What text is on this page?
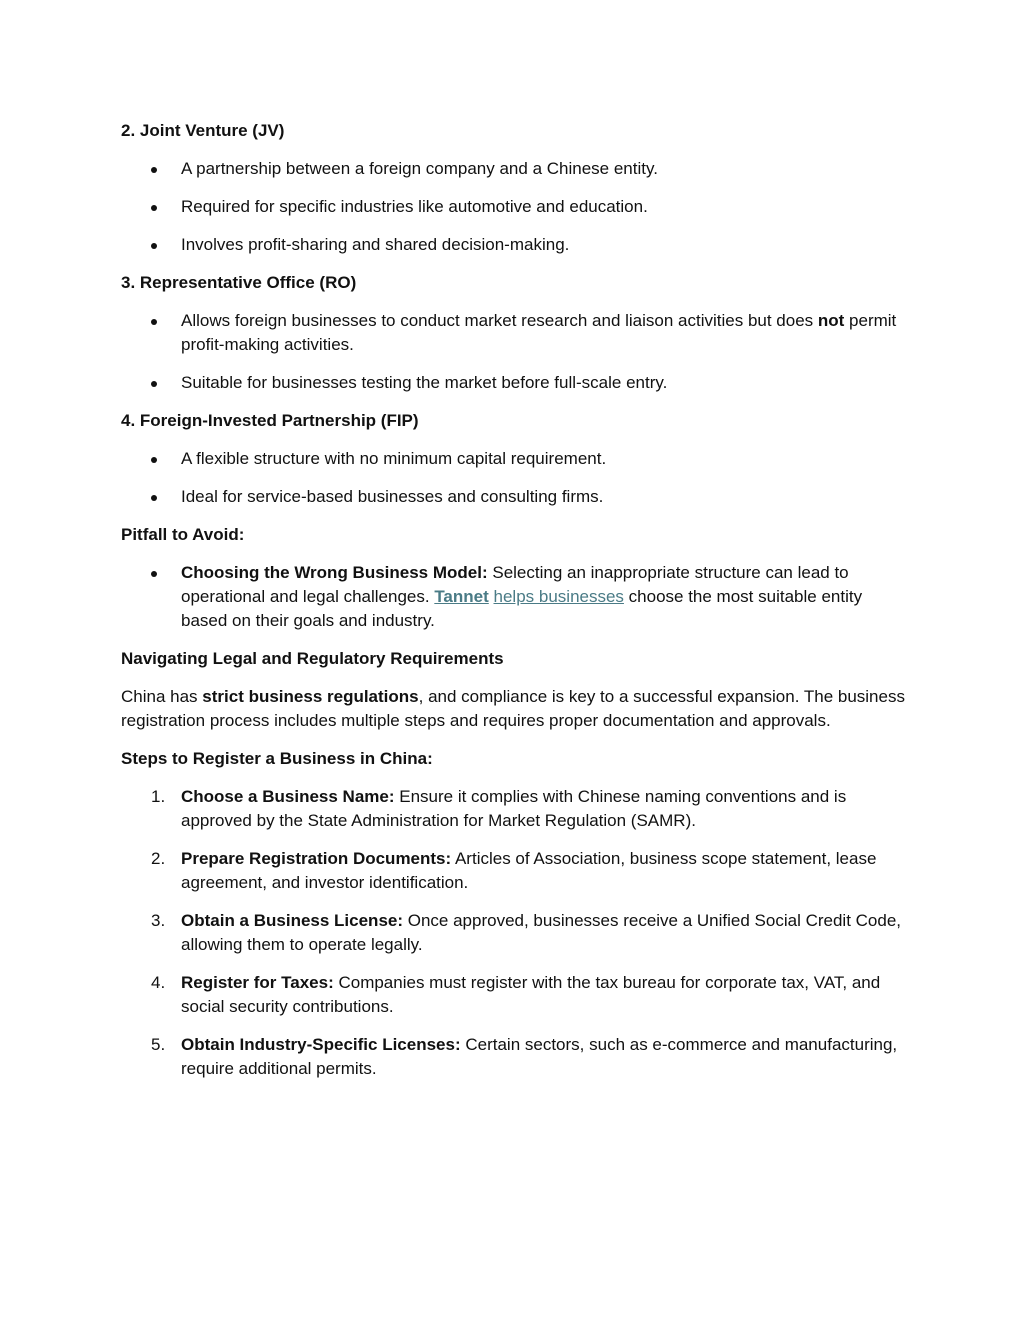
2. Joint Venture (JV)
A partnership between a foreign company and a Chinese entity.
Required for specific industries like automotive and education.
Involves profit-sharing and shared decision-making.
3. Representative Office (RO)
Allows foreign businesses to conduct market research and liaison activities but does not permit profit-making activities.
Suitable for businesses testing the market before full-scale entry.
4. Foreign-Invested Partnership (FIP)
A flexible structure with no minimum capital requirement.
Ideal for service-based businesses and consulting firms.
Pitfall to Avoid:
Choosing the Wrong Business Model: Selecting an inappropriate structure can lead to operational and legal challenges. Tannet helps businesses choose the most suitable entity based on their goals and industry.
Navigating Legal and Regulatory Requirements

China has strict business regulations, and compliance is key to a successful expansion. The business registration process includes multiple steps and requires proper documentation and approvals.

Steps to Register a Business in China:
1. Choose a Business Name: Ensure it complies with Chinese naming conventions and is approved by the State Administration for Market Regulation (SAMR).
2. Prepare Registration Documents: Articles of Association, business scope statement, lease agreement, and investor identification.
3. Obtain a Business License: Once approved, businesses receive a Unified Social Credit Code, allowing them to operate legally.
4. Register for Taxes: Companies must register with the tax bureau for corporate tax, VAT, and social security contributions.
5. Obtain Industry-Specific Licenses: Certain sectors, such as e-commerce and manufacturing, require additional permits.
